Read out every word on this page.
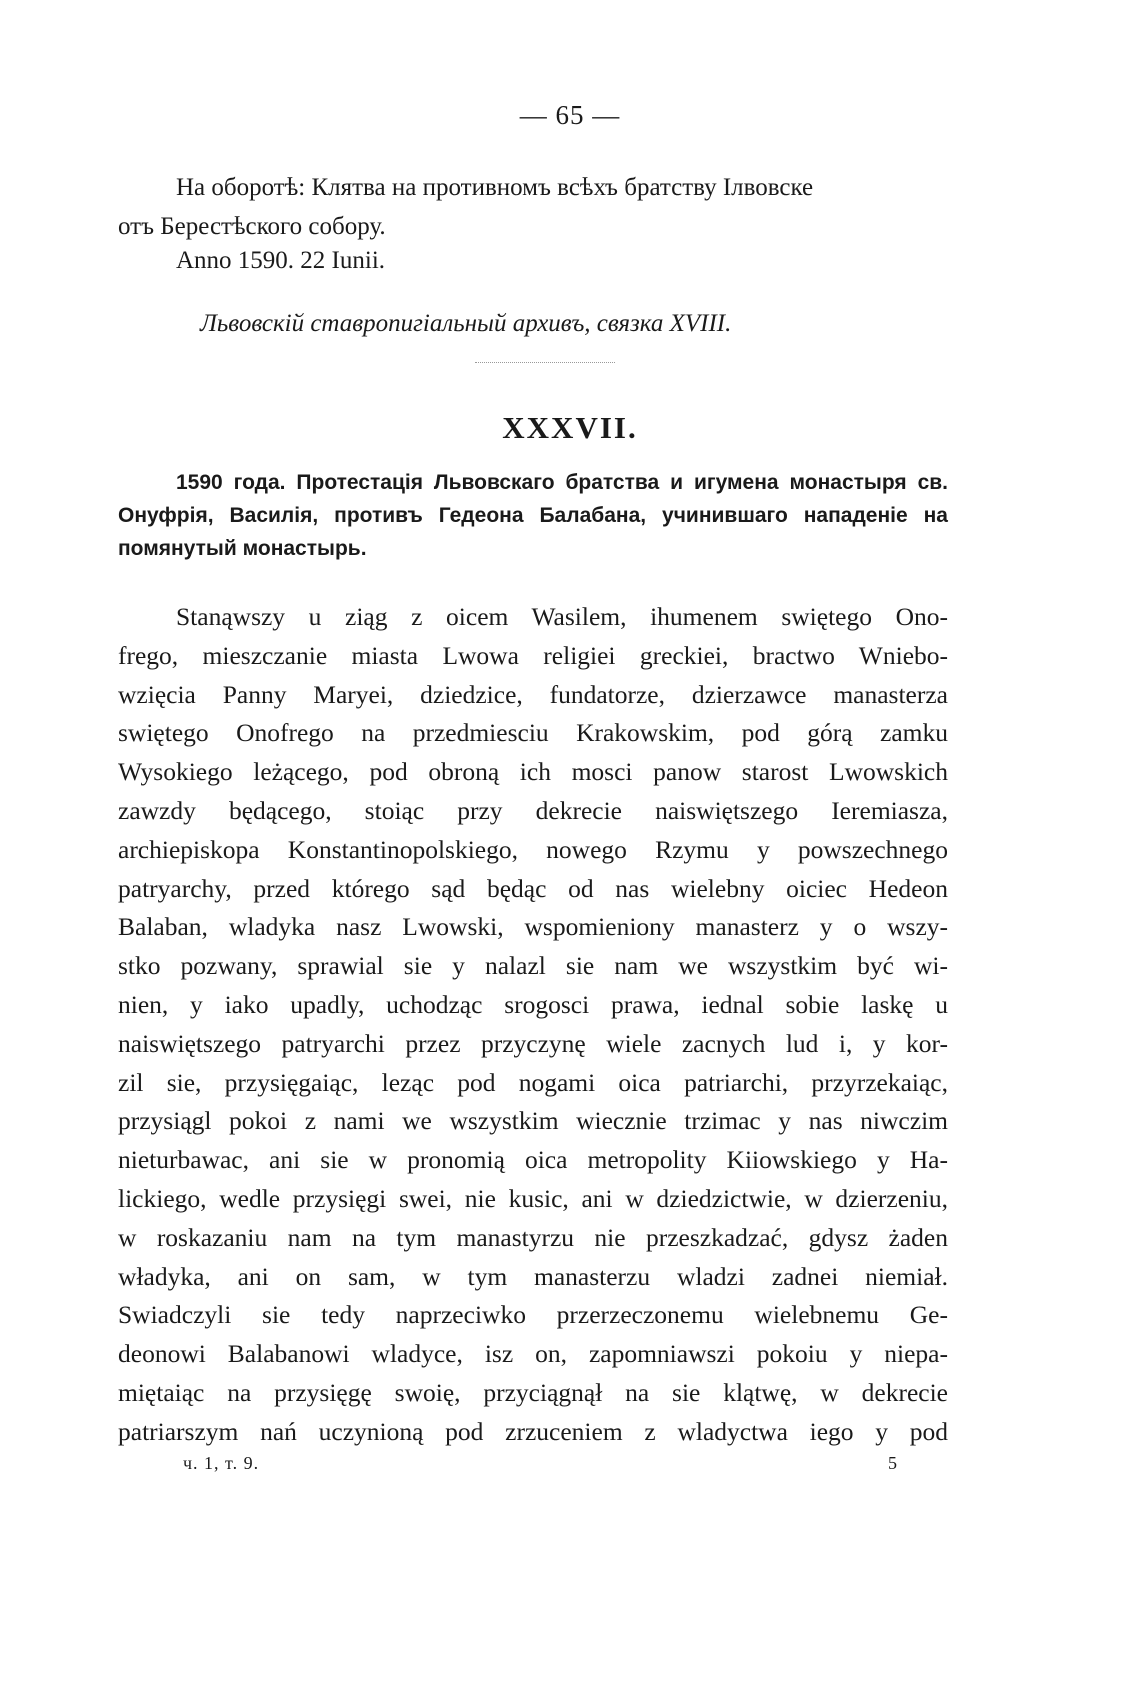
— 65 —

На оборотѣ: Клятва на противномъ всѣхъ братству Ілвовске
отъ Берестѣского собору.

Anno 1590. 22 Iunii.

Львовскій ставропигіальный архивъ, связка XVIII.

XXXVII.

1590 года. Протестація Львовскаго братства и игумена монастыря св. Онуфрія, Василія, противъ Гедеона Балабана, учинившаго нападеніе на помянутый монастырь.

Stanąwszy u ziąg z oicem Wasilem, ihumenem swiętego Ono-
frego, mieszczanie miasta Lwowa religiei greckiei, bractwo Wniebo-
wzięcia Panny Maryei, dziedzice, fundatorze, dzierzawce manasterza
swiętego Onofrego na przedmiesciu Krakowskim, pod górą zamku
Wysokiego leżącego, pod obroną ich mosci panow starost Lwowskich
zawzdy będącego, stoiąc przy dekrecie naiswiętszego Ieremiasza,
archiepiskopa Konstantinopolskiego, nowego Rzymu y powszechnego
patryarchy, przed którego sąd będąc od nas wielebny oiciec Hedeon
Balaban, wladyka nasz Lwowski, wspomieniony manasterz y o wszy-
stko pozwany, sprawial sie y nalazl sie nam we wszystkim być wi-
nien, y iako upadly, uchodząc srogosci prawa, iednal sobie laskę u
naiswiętszego patryarchi przez przyczynę wiele zacnych lud i, y kor-
zil sie, przysięgaiąc, leząc pod nogami oica patriarchi, przyrzekaiąc,
przysiągl pokoi z nami we wszystkim wiecznie trzimac y nas niwczim
nieturbawac, ani sie w pronomią oica metropolity Kiiowskiego y Ha-
lickiego, wedle przysięgi swei, nie kusic, ani w dziedzictwie, w dzierzeniu,
w roskazaniu nam na tym manastyrzu nie przeszkadzać, gdysz żaden
władyka, ani on sam, w tym manasterzu wladzi zadnei niemiał.
Swiadczyli sie tedy naprzeciwko przerzeczonemu wielebnemu Ge-
deonowi Balabanowi wladyce, isz on, zapomniawszi pokoiu y niepa-
miętaiąc na przysięgę swoię, przyciągnął na sie klątwę, w dekrecie
patriarszym nań uczynioną pod zrzuceniem z wladyctwa iego y pod

ч. 1, т. 9.	5
